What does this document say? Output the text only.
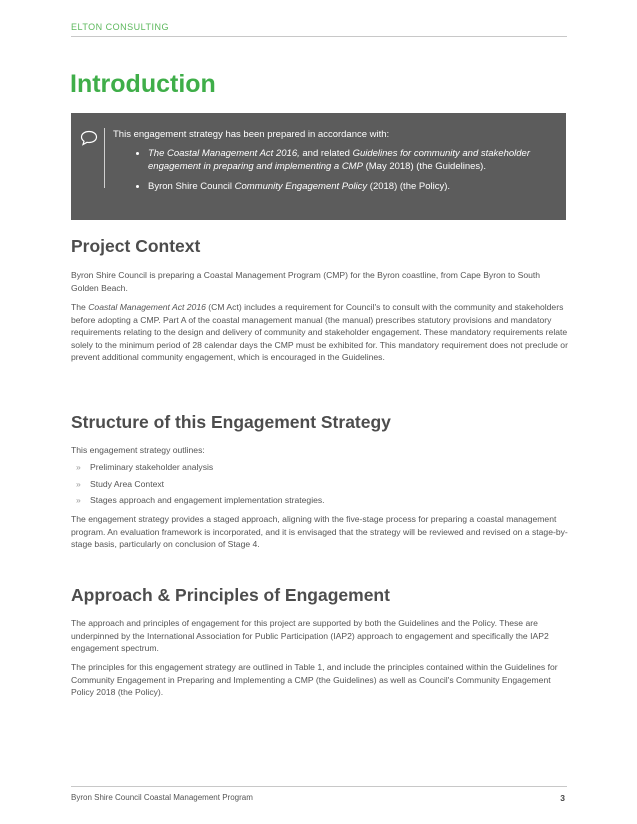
ELTON CONSULTING
Introduction
This engagement strategy has been prepared in accordance with:
• The Coastal Management Act 2016, and related Guidelines for community and stakeholder engagement in preparing and implementing a CMP (May 2018) (the Guidelines).
• Byron Shire Council Community Engagement Policy (2018) (the Policy).
Project Context

Byron Shire Council is preparing a Coastal Management Program (CMP) for the Byron coastline, from Cape Byron to South Golden Beach.

The Coastal Management Act 2016 (CM Act) includes a requirement for Council's to consult with the community and stakeholders before adopting a CMP. Part A of the coastal management manual (the manual) prescribes statutory provisions and mandatory requirements relating to the design and delivery of community and stakeholder engagement. These mandatory requirements relate solely to the minimum period of 28 calendar days the CMP must be exhibited for. This mandatory requirement does not preclude or prevent additional community engagement, which is encouraged in the Guidelines.

Structure of this Engagement Strategy

This engagement strategy outlines:

» Preliminary stakeholder analysis
» Study Area Context
» Stages approach and engagement implementation strategies.

The engagement strategy provides a staged approach, aligning with the five-stage process for preparing a coastal management program. An evaluation framework is incorporated, and it is envisaged that the strategy will be reviewed and revised on a stage-by-stage basis, particularly on conclusion of Stage 4.

Approach & Principles of Engagement

The approach and principles of engagement for this project are supported by both the Guidelines and the Policy. These are underpinned by the International Association for Public Participation (IAP2) approach to engagement and specifically the IAP2 engagement spectrum.

The principles for this engagement strategy are outlined in Table 1, and include the principles contained within the Guidelines for Community Engagement in Preparing and Implementing a CMP (the Guidelines) as well as Council's Community Engagement Policy 2018 (the Policy).

Byron Shire Council Coastal Management Program	3
